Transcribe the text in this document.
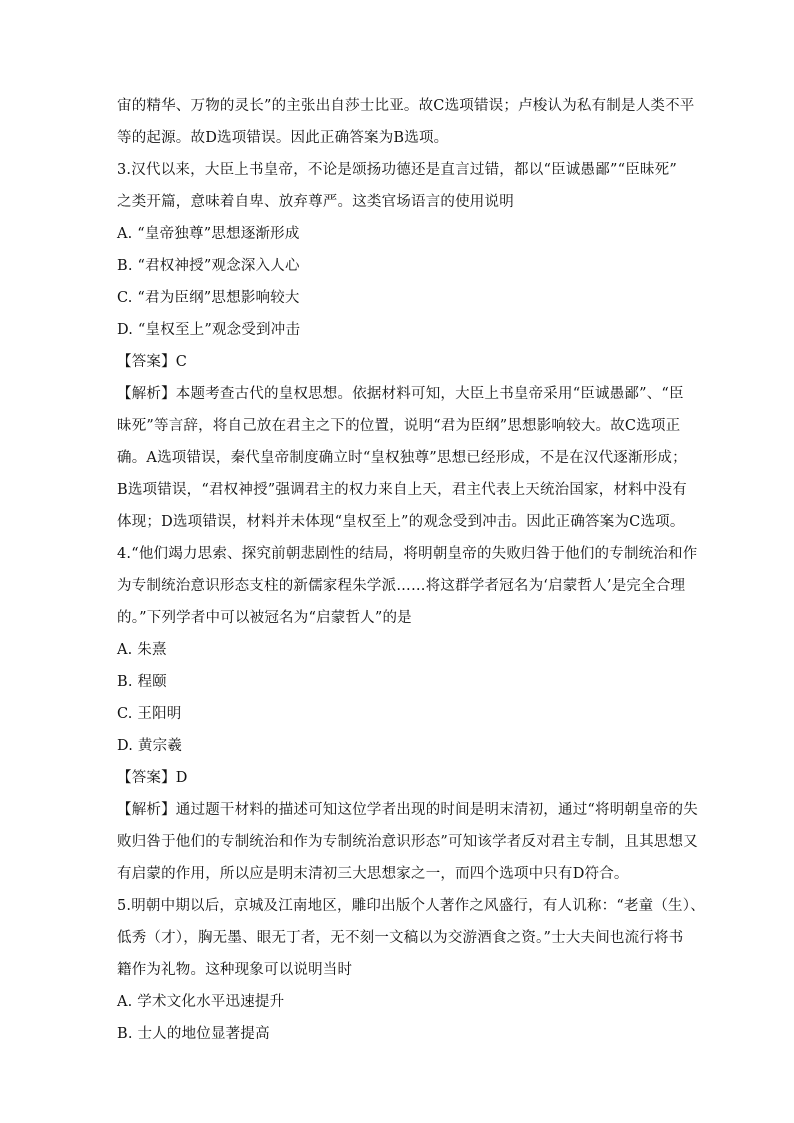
宙的精华、万物的灵长”的主张出自莎士比亚。故C选项错误；卢梭认为私有制是人类不平
等的起源。故D选项错误。因此正确答案为B选项。
3.汉代以来，大臣上书皇帝，不论是颂扬功德还是直言过错，都以“臣诚愚鄙”“臣昧死”
之类开篇，意味着自卑、放弃尊严。这类官场语言的使用说明
A. “皇帝独尊”思想逐渐形成
B. “君权神授”观念深入人心
C. “君为臣纲”思想影响较大
D. “皇权至上”观念受到冲击
【答案】C
【解析】本题考查古代的皇权思想。依据材料可知，大臣上书皇帝采用“臣诚愚鄙”、“臣
昧死”等言辞，将自己放在君主之下的位置，说明“君为臣纲”思想影响较大。故C选项正
确。A选项错误，秦代皇帝制度确立时“皇权独尊”思想已经形成，不是在汉代逐渐形成；
B选项错误，“君权神授”强调君主的权力来自上天，君主代表上天统治国家，材料中没有
体现；D选项错误，材料并未体现“皇权至上”的观念受到冲击。因此正确答案为C选项。
4.“他们竭力思索、探究前朝悲剧性的结局，将明朝皇帝的失败归咎于他们的专制统治和作
为专制统治意识形态支柱的新儒家程朱学派……将这群学者冠名为‘启蒙哲人’是完全合理
的。”下列学者中可以被冠名为“启蒙哲人”的是
A. 朱熹
B. 程颐
C. 王阳明
D. 黄宗羲
【答案】D
【解析】通过题干材料的描述可知这位学者出现的时间是明末清初，通过“将明朝皇帝的失
败归咎于他们的专制统治和作为专制统治意识形态”可知该学者反对君主专制，且其思想又
有启蒙的作用，所以应是明末清初三大思想家之一，而四个选项中只有D符合。
5.明朝中期以后，京城及江南地区，雕印出版个人著作之风盛行，有人讥称：“老童（生）、
低秀（才），胸无墨、眼无丁者，无不刻一文稿以为交游酒食之资。”士大夫间也流行将书
籍作为礼物。这种现象可以说明当时
A. 学术文化水平迅速提升
B. 士人的地位显著提高
